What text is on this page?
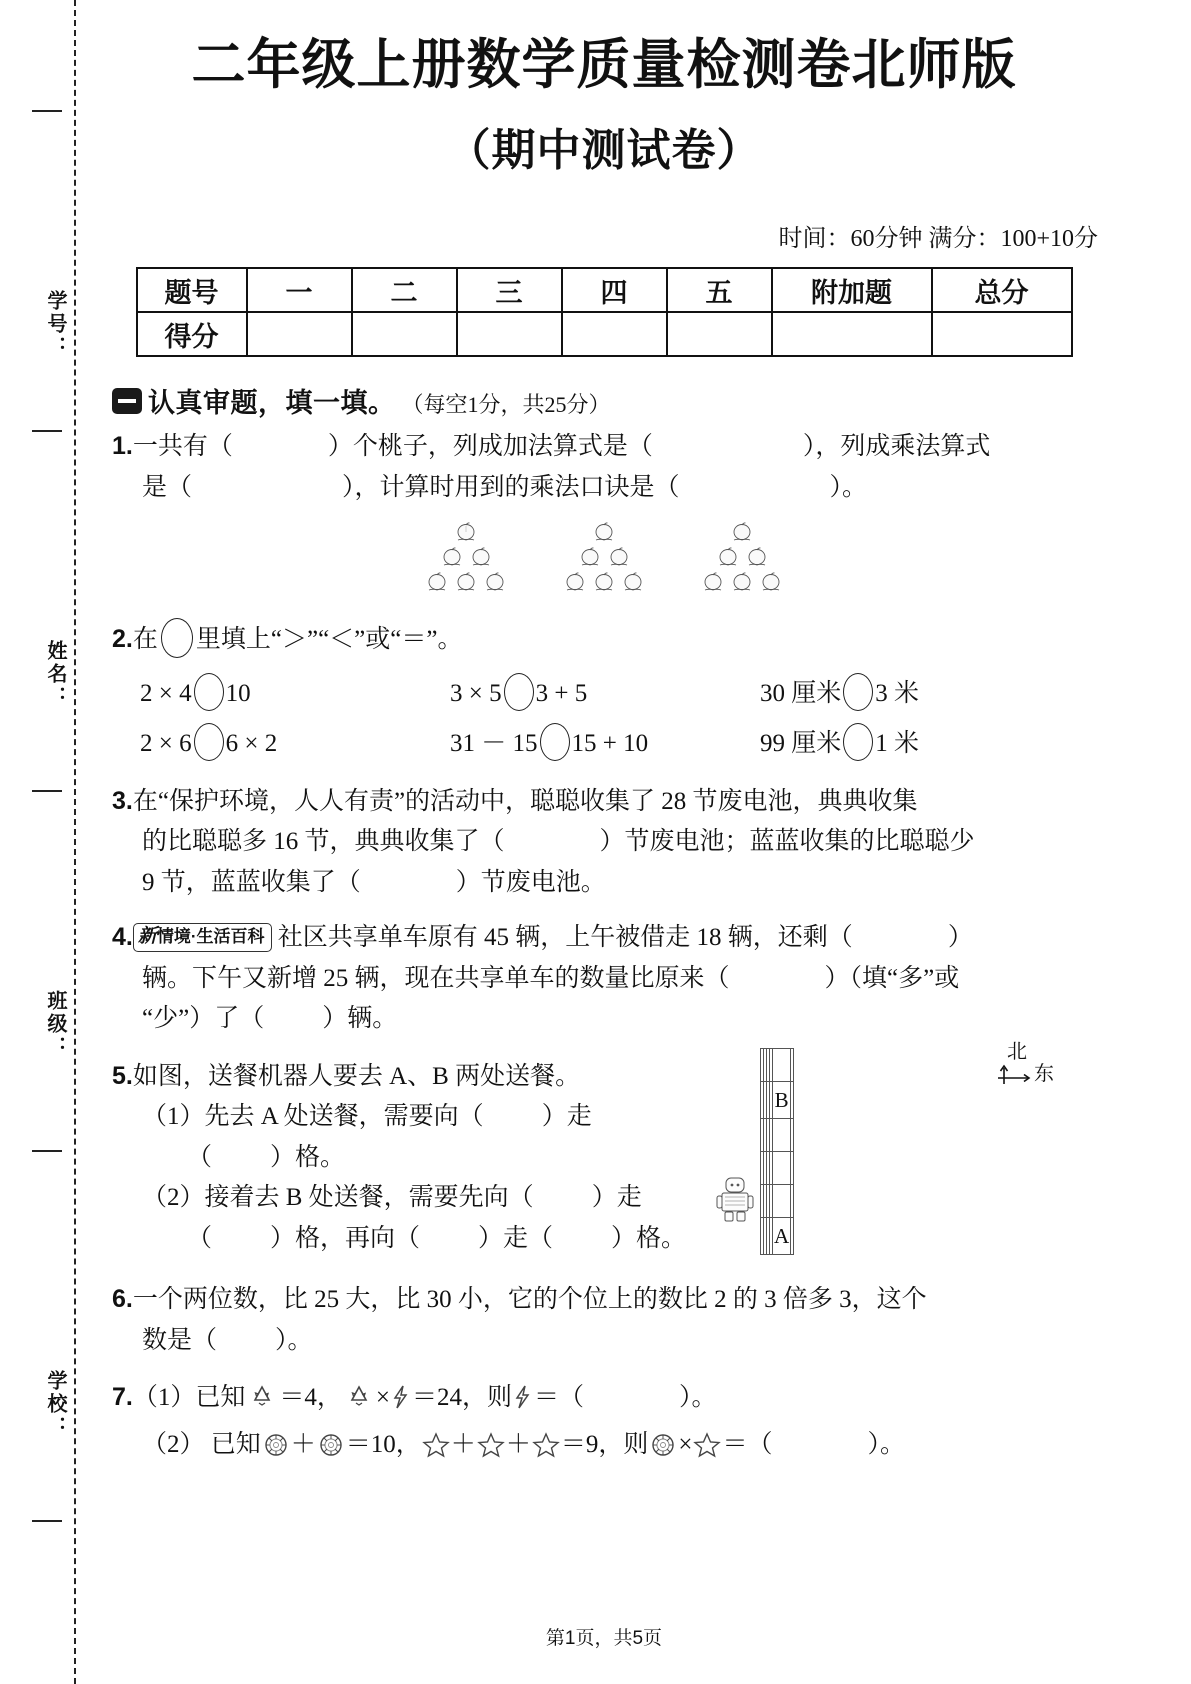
学号：
姓名：
班级：
学校：
二年级上册数学质量检测卷北师版
（期中测试卷）
时间：60分钟 满分：100+10分
题号	一	二	三	四	五	附加题	总分
得分							
认真审题，填一填。 （每空1分，共25分）
1.一共有（	）个桃子，列成加法算式是（	），列成乘法算式
是（	），计算时用到的乘法口诀是（	）。
2.在 里填上“＞”“＜”或“＝”。
2 × 4 10	3 × 5 3 + 5	30 厘米 3 米
2 × 6 6 × 2	31 － 15 15 + 10	99 厘米 1 米
3.在“保护环境，人人有责”的活动中，聪聪收集了 28 节废电池，典典收集
的比聪聪多 16 节，典典收集了（	）节废电池；蓝蓝收集的比聪聪少
9 节，蓝蓝收集了（	）节废电池。
4. 新情境·生活百科 社区共享单车原有 45 辆，上午被借走 18 辆，还剩（	）
辆。下午又新增 25 辆，现在共享单车的数量比原来（	）（填“多”或
“少”）了（ ）辆。
5.如图，送餐机器人要去 A、B 两处送餐。
（1）先去 A 处送餐，需要向（ ）走
（ ）格。
（2）接着去 B 处送餐，需要先向（ ）走
（ ）格，再向（ ）走（ ）格。

				B	

				A	
北
东
6.一个两位数，比 25 大，比 30 小，它的个位上的数比 2 的 3 倍多 3，这个
数是（ ）。
7.（1）已知 ＝4， × ＝24，则 ＝（	）。
（2） 已知 ＋ ＝10， ＋ ＋ ＝9，则 × ＝（	）。
第1页，共5页
